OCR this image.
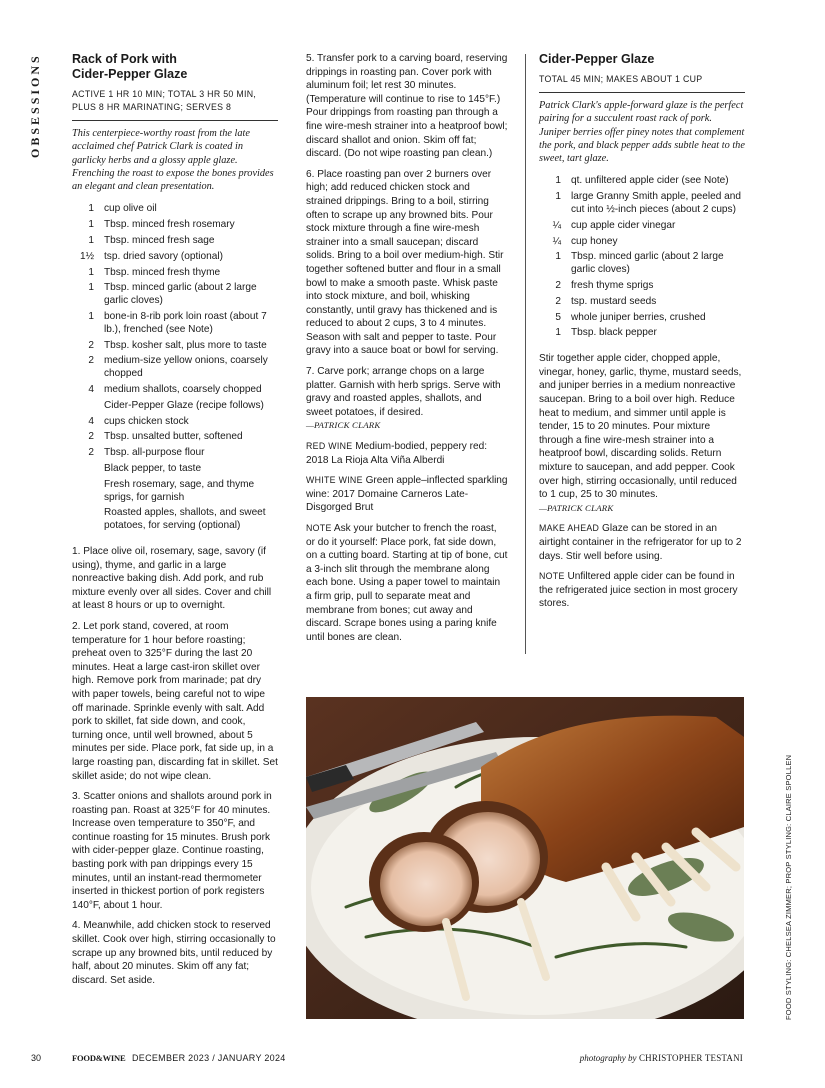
OBSESSIONS Rack of Pork with
Cider-Pepper Glaze
ACTIVE 1 HR 10 MIN; TOTAL 3 HR 50 MIN,
PLUS 8 HR MARINATING; SERVES 8
This centerpiece-worthy roast from the late acclaimed chef Patrick Clark is coated in garlicky herbs and a glossy apple glaze. Frenching the roast to expose the bones provides an elegant and clean presentation.
1 cup olive oil
1 Tbsp. minced fresh rosemary
1 Tbsp. minced fresh sage
1½ tsp. dried savory (optional)
1 Tbsp. minced fresh thyme
1 Tbsp. minced garlic (about 2 large garlic cloves)
1 bone-in 8-rib pork loin roast (about 7 lb.), frenched (see Note)
2 Tbsp. kosher salt, plus more to taste
2 medium-size yellow onions, coarsely chopped
4 medium shallots, coarsely chopped
Cider-Pepper Glaze (recipe follows)
4 cups chicken stock
2 Tbsp. unsalted butter, softened
2 Tbsp. all-purpose flour
Black pepper, to taste
Fresh rosemary, sage, and thyme sprigs, for garnish
Roasted apples, shallots, and sweet potatoes, for serving (optional)

1. Place olive oil, rosemary, sage, savory (if using), thyme, and garlic in a large nonreactive baking dish. Add pork, and rub mixture evenly over all sides. Cover and chill at least 8 hours or up to overnight.

2. Let pork stand, covered, at room temperature for 1 hour before roasting; preheat oven to 325°F during the last 20 minutes. Heat a large cast-iron skillet over high. Remove pork from marinade; pat dry with paper towels, being careful not to wipe off marinade. Sprinkle evenly with salt. Add pork to skillet, fat side down, and cook, turning once, until well browned, about 5 minutes per side. Place pork, fat side up, in a large roasting pan, discarding fat in skillet. Set skillet aside; do not wipe clean.

3. Scatter onions and shallots around pork in roasting pan. Roast at 325°F for 40 minutes. Increase oven temperature to 350°F, and continue roasting for 15 minutes. Brush pork with cider-pepper glaze. Continue roasting, basting pork with pan drippings every 15 minutes, until an instant-read thermometer inserted in thickest portion of pork registers 140°F, about 1 hour.

4. Meanwhile, add chicken stock to reserved skillet. Cook over high, stirring occasionally to scrape up any browned bits, until reduced by half, about 20 minutes. Skim off any fat; discard. Set aside.

5. Transfer pork to a carving board, reserving drippings in roasting pan. Cover pork with aluminum foil; let rest 30 minutes. (Temperature will continue to rise to 145°F.) Pour drippings from roasting pan through a fine wire-mesh strainer into a heatproof bowl; discard shallot and onion. Skim off fat; discard. (Do not wipe roasting pan clean.)

6. Place roasting pan over 2 burners over high; add reduced chicken stock and strained drippings. Bring to a boil, stirring often to scrape up any browned bits. Pour stock mixture through a fine wire-mesh strainer into a small saucepan; discard solids. Bring to a boil over medium-high. Stir together softened butter and flour in a small bowl to make a smooth paste. Whisk paste into stock mixture, and boil, whisking constantly, until gravy has thickened and is reduced to about 2 cups, 3 to 4 minutes. Season with salt and pepper to taste. Pour gravy into a sauce boat or bowl for serving.

7. Carve pork; arrange chops on a large platter. Garnish with herb sprigs. Serve with gravy and roasted apples, shallots, and sweet potatoes, if desired.

—PATRICK CLARK

RED WINE Medium-bodied, peppery red: 2018 La Rioja Alta Viña Alberdi

WHITE WINE Green apple–inflected sparkling wine: 2017 Domaine Carneros Late-Disgorged Brut

NOTE Ask your butcher to french the roast, or do it yourself: Place pork, fat side down, on a cutting board. Starting at tip of bone, cut a 3-inch slit through the membrane along each bone. Using a paper towel to maintain a firm grip, pull to separate meat and membrane from bones; cut away and discard. Scrape bones using a paring knife until bones are clean.

Cider-Pepper Glaze
TOTAL 45 MIN; MAKES ABOUT 1 CUP
Patrick Clark's apple-forward glaze is the perfect pairing for a succulent roast rack of pork. Juniper berries offer piney notes that complement the pork, and black pepper adds subtle heat to the sweet, tart glaze.
1 qt. unfiltered apple cider (see Note)
1 large Granny Smith apple, peeled and cut into ½-inch pieces (about 2 cups)
¼ cup apple cider vinegar
¼ cup honey
1 Tbsp. minced garlic (about 2 large garlic cloves)
2 fresh thyme sprigs
2 tsp. mustard seeds
5 whole juniper berries, crushed
1 Tbsp. black pepper

Stir together apple cider, chopped apple, vinegar, honey, garlic, thyme, mustard seeds, and juniper berries in a medium nonreactive saucepan. Bring to a boil over high. Reduce heat to medium, and simmer until apple is tender, 15 to 20 minutes. Pour mixture through a fine wire-mesh strainer into a heatproof bowl, discarding solids. Return mixture to saucepan, and add pepper. Cook over high, stirring occasionally, until reduced to 1 cup, 25 to 30 minutes.
—PATRICK CLARK

MAKE AHEAD Glaze can be stored in an airtight container in the refrigerator for up to 2 days. Stir well before using.

NOTE Unfiltered apple cider can be found in the refrigerated juice section in most grocery stores.

FOOD STYLING: CHELSEA ZIMMER; PROP STYLING: CLAIRE SPOLLEN
30	FOOD&WINE DECEMBER 2023 / JANUARY 2024	photography by CHRISTOPHER TESTANI
